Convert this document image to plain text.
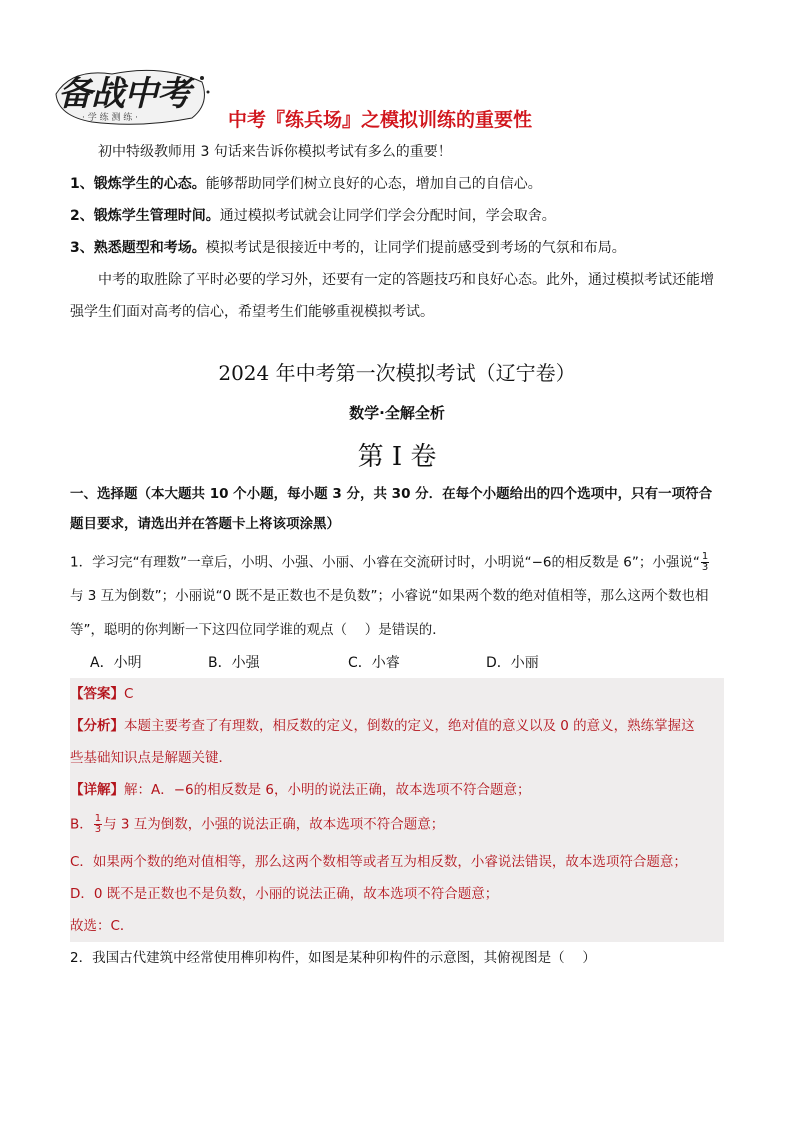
备战中考
· 学 练 测 练 ·	中考『练兵场』之模拟训练的重要性
初中特级教师用 3 句话来告诉你模拟考试有多么的重要！
1、锻炼学生的心态。能够帮助同学们树立良好的心态，增加自己的自信心。
2、锻炼学生管理时间。通过模拟考试就会让同学们学会分配时间，学会取舍。
3、熟悉题型和考场。模拟考试是很接近中考的，让同学们提前感受到考场的气氛和布局。
中考的取胜除了平时必要的学习外，还要有一定的答题技巧和良好心态。此外，通过模拟考试还能增
强学生们面对高考的信心，希望考生们能够重视模拟考试。
2024 年中考第一次模拟考试（辽宁卷）
数学·全解全析
第 I 卷
一、选择题（本大题共 10 个小题，每小题 3 分，共 30 分．在每个小题给出的四个选项中，只有一项符合
题目要求，请选出并在答题卡上将该项涂黑）
1．学习完“有理数”一章后，小明、小强、小丽、小睿在交流研讨时，小明说“−6的相反数是 6”；小强说“ $\frac{1}{3}$
与 3 互为倒数”；小丽说“0 既不是正数也不是负数”；小睿说“如果两个数的绝对值相等，那么这两个数也相
等”，聪明的你判断一下这四位同学谁的观点（　 ）是错误的．
A．小明	B．小强	C．小睿	D．小丽
【答案】C
【分析】本题主要考查了有理数，相反数的定义，倒数的定义，绝对值的意义以及 0 的意义，熟练掌握这
些基础知识点是解题关键．
【详解】解：A．−6的相反数是 6，小明的说法正确，故本选项不符合题意；
B． $\frac{1}{3}$ 与 3 互为倒数，小强的说法正确，故本选项不符合题意；
C．如果两个数的绝对值相等，那么这两个数相等或者互为相反数，小睿说法错误，故本选项符合题意；
D．0 既不是正数也不是负数，小丽的说法正确，故本选项不符合题意；
故选：C．
2．我国古代建筑中经常使用榫卯构件，如图是某种卯构件的示意图，其俯视图是（　 ）
